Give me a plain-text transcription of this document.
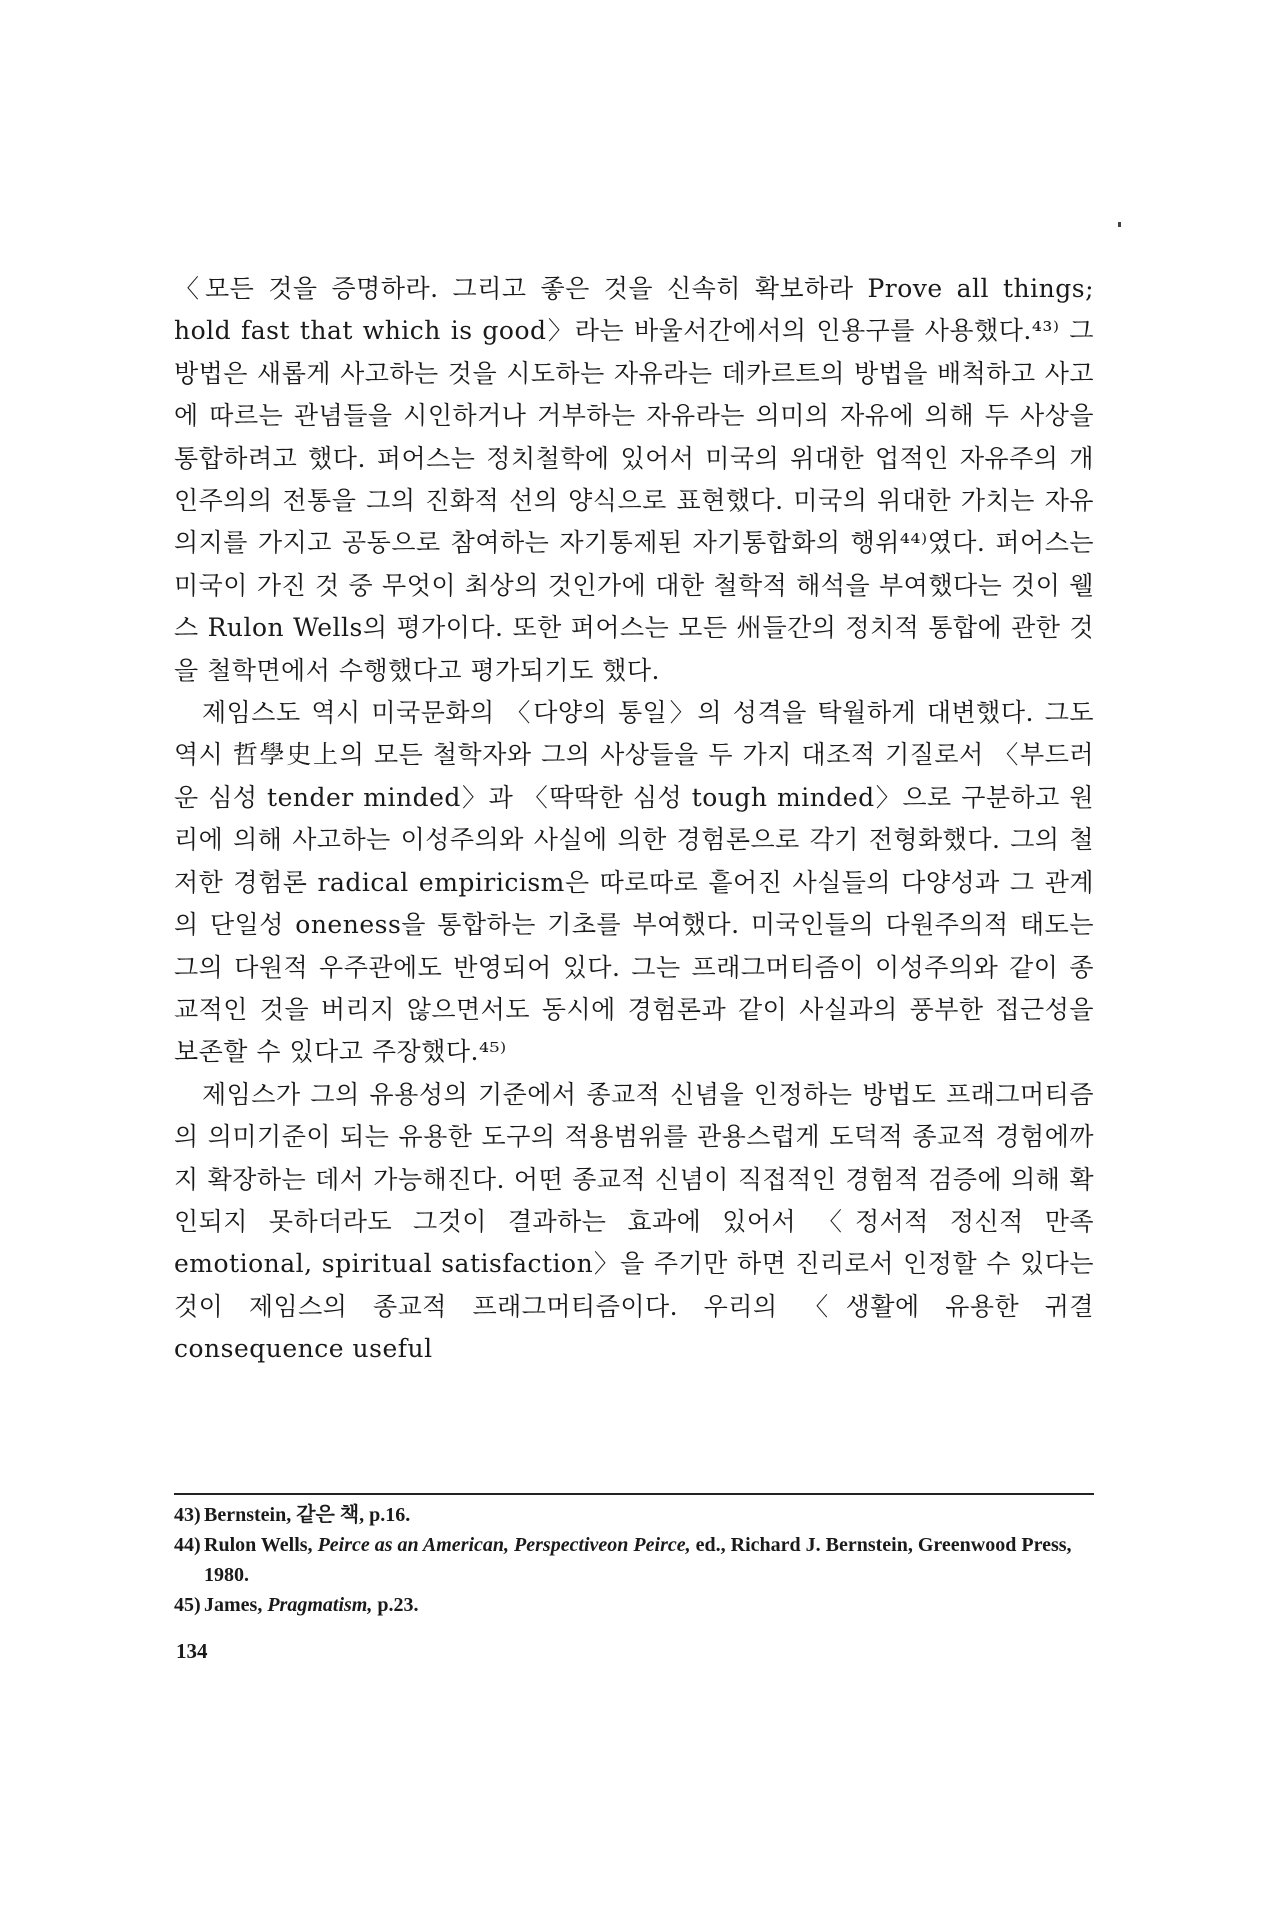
〈모든 것을 증명하라. 그리고 좋은 것을 신속히 확보하라 Prove all things; hold fast that which is good〉라는 바울서간에서의 인용구를 사용했다.⁴³⁾ 그 방법은 새롭게 사고하는 것을 시도하는 자유라는 데카르트의 방법을 배척하고 사고에 따르는 관념들을 시인하거나 거부하는 자유라는 의미의 자유에 의해 두 사상을 통합하려고 했다. 퍼어스는 정치철학에 있어서 미국의 위대한 업적인 자유주의 개인주의의 전통을 그의 진화적 선의 양식으로 표현했다. 미국의 위대한 가치는 자유의지를 가지고 공동으로 참여하는 자기통제된 자기통합화의 행위⁴⁴⁾였다. 퍼어스는 미국이 가진 것 중 무엇이 최상의 것인가에 대한 철학적 해석을 부여했다는 것이 웰스 Rulon Wells의 평가이다. 또한 퍼어스는 모든 州들간의 정치적 통합에 관한 것을 철학면에서 수행했다고 평가되기도 했다.

제임스도 역시 미국문화의 〈다양의 통일〉의 성격을 탁월하게 대변했다. 그도 역시 哲學史上의 모든 철학자와 그의 사상들을 두 가지 대조적 기질로서 〈부드러운 심성 tender minded〉과 〈딱딱한 심성 tough minded〉으로 구분하고 원리에 의해 사고하는 이성주의와 사실에 의한 경험론으로 각기 전형화했다. 그의 철저한 경험론 radical empiricism은 따로따로 흩어진 사실들의 다양성과 그 관계의 단일성 oneness을 통합하는 기초를 부여했다. 미국인들의 다원주의적 태도는 그의 다원적 우주관에도 반영되어 있다. 그는 프래그머티즘이 이성주의와 같이 종교적인 것을 버리지 않으면서도 동시에 경험론과 같이 사실과의 풍부한 접근성을 보존할 수 있다고 주장했다.⁴⁵⁾

제임스가 그의 유용성의 기준에서 종교적 신념을 인정하는 방법도 프래그머티즘의 의미기준이 되는 유용한 도구의 적용범위를 관용스럽게 도덕적 종교적 경험에까지 확장하는 데서 가능해진다. 어떤 종교적 신념이 직접적인 경험적 검증에 의해 확인되지 못하더라도 그것이 결과하는 효과에 있어서 〈정서적 정신적 만족 emotional, spiritual satisfaction〉을 주기만 하면 진리로서 인정할 수 있다는 것이 제임스의 종교적 프래그머티즘이다. 우리의 〈생활에 유용한 귀결 consequence useful

43) Bernstein, 같은 책, p.16.

44) Rulon Wells, Peirce as an American, Perspectiveon Peirce, ed., Richard J. Bernstein, Greenwood Press, 1980.

45) James, Pragmatism, p.23.

134
